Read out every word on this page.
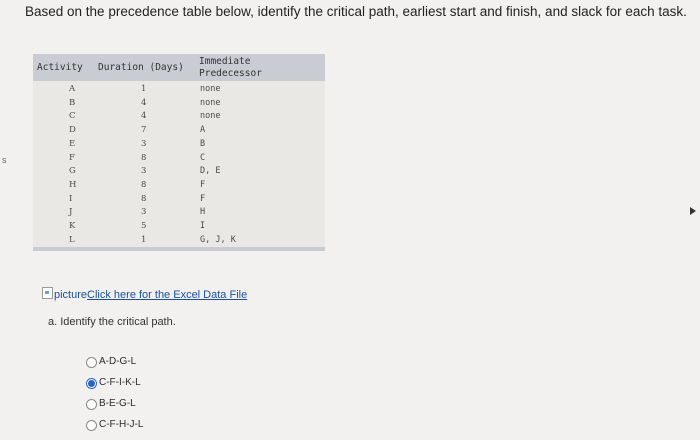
Based on the precedence table below, identify the critical path, earliest start and finish, and slack for each task.
s
Activity Duration (Days)
Immediate
Predecessor
A	1	none
B	4	none
C	4	none
D	7	A
E	3	B
F	8	C
G	3	D, E
H	8	F
I	8	F
J	3	H
K	5	I
L	1	G, J, K
pictureClick here for the Excel Data File
a. Identify the critical path.
A-D-G-L
C-F-I-K-L
B-E-G-L
C-F-H-J-L
